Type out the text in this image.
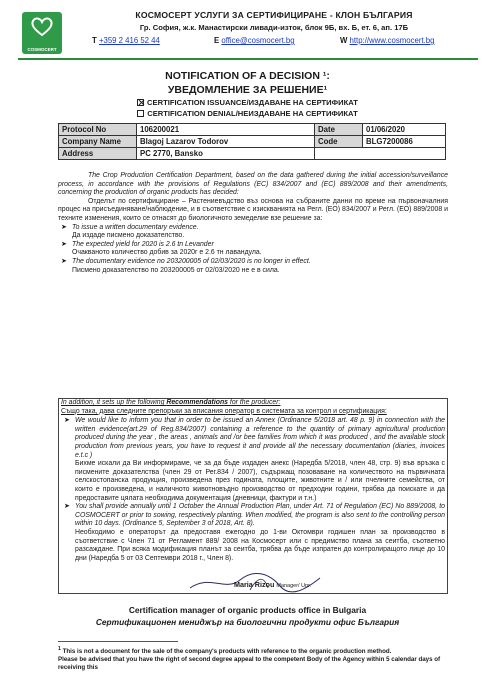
COSMOCERT
КОСМОСЕРТ УСЛУГИ ЗА СЕРТИФИЦИРАНЕ - КЛОН БЪЛГАРИЯ
Гр. София, ж.к. Манастирски ливади-изток, блок 9Б, вх. Б, ет. 6, ап. 17Б
T +359 2 416 52 44	E office@cosmocert.bg	W http://www.cosmocert.bg
NOTIFICATION OF A DECISION ¹:
УВЕДОМЛЕНИЕ ЗА РЕШЕНИЕ¹
CERTIFICATION ISSUANCE/ИЗДАВАНЕ НА СЕРТИФИКАТ
CERTIFICATION DENIAL/НЕИЗДАВАНЕ НА СЕРТИФИКАТ
Protocol No	106200021	Date	01/06/2020
Company Name	Blagoj Lazarov Todorov	Code	BLG7200086
Address	PC 2770, Bansko		

The Crop Production Certification Department, based on the data gathered during the initial accession/surveillance process, in accordance with the provisions of Regulations (EC) 834/2007 and (EC) 889/2008 and their amendments, concerning the production of organic products has decided:

Отделът по сертифициране – Растениевъдство въз основа на събраните данни по време на първоначалния процес на присъединяване/наблюдение, и в съответствие с изискванията на Регл. (ЕО) 834/2007 и Регл. (ЕО) 889/2008 и техните изменения, които се отнасят до биологичното земеделие взе решение за:

➤ To issue a written documentary evidence.
Да издаде писмено доказателство.
➤ The expected yield for 2020 is 2.6 tn Levander
Очакваното количество добив за 2020г е 2.6 тн лавандула.
➤ The documentary evidence no 203200005 of 02/03/2020 is no longer in effect.
Писмено доказателство по 203200005 от 02/03/2020 не е в сила.

In addition, it sets up the following Recommendations for the producer:

Също така, дава следните препоръки за вписания оператор в системата за контрол и сертификация:

➤ We would like to inform you that in order to be issued an Annex (Ordinance 5/2018 art. 48 p. 9) in connection with the written evidence(art.29 of Reg.834/2007) containing a reference to the quantity of primary agricultural production produced during the year , the areas , animals and /or bee families from which it was produced , and the available stock production from previous years, you have to request it and provide all the necessary documentation (diaries, invoices e.t.c )
Бихме искали да Ви информираме, че за да бъде издаден анекс (Наредба 5/2018, член 48, стр. 9) във връзка с писмените доказателства (член 29 от Рег.834 / 2007), съдържащ позоваване на количеството на първичната селскостопанска продукция, произведена през годината, площите, животните и / или пчелните семейства, от които е произведена, и наличното животновъдно производство от предходни години, трябва да поискате и да предоставите цялата необходима документация (дневници, фактури и т.н.)
➤ You shall provide annually until 1 October the Annual Production Plan, under Art. 71 of Regulation (EC) No 889/2008, to COSMOCERT or prior to sowing, respectively planting. When modified, the program is also sent to the controlling person within 10 days. (Ordinance 5, September 3 of 2018, Art. 8).
Необходимо е операторът да предоставя ежегодно до 1-ви Октомври годишен план за производство в съответствие с Член 71 от Регламент 889/ 2008 на Космосерт или с предимство плана за сеитба, съответно разсаждане. При всяка модификация планът за сеитба, трябва да бъде изпратен до контролиращото лице до 10 дни (Наредба 5 от 03 Септември 2018 г., Член 8).
Maria Rizou Manager/ Upr.
Certification manager of organic products office in Bulgaria
Сертификационен мениджър на биологични продукти офис България
$^1$ This is not a document for the sale of the company's products with reference to the organic production method.
Please be advised that you have the right of second degree appeal to the competent Body of the Agency within 5 calendar days of receiving this
